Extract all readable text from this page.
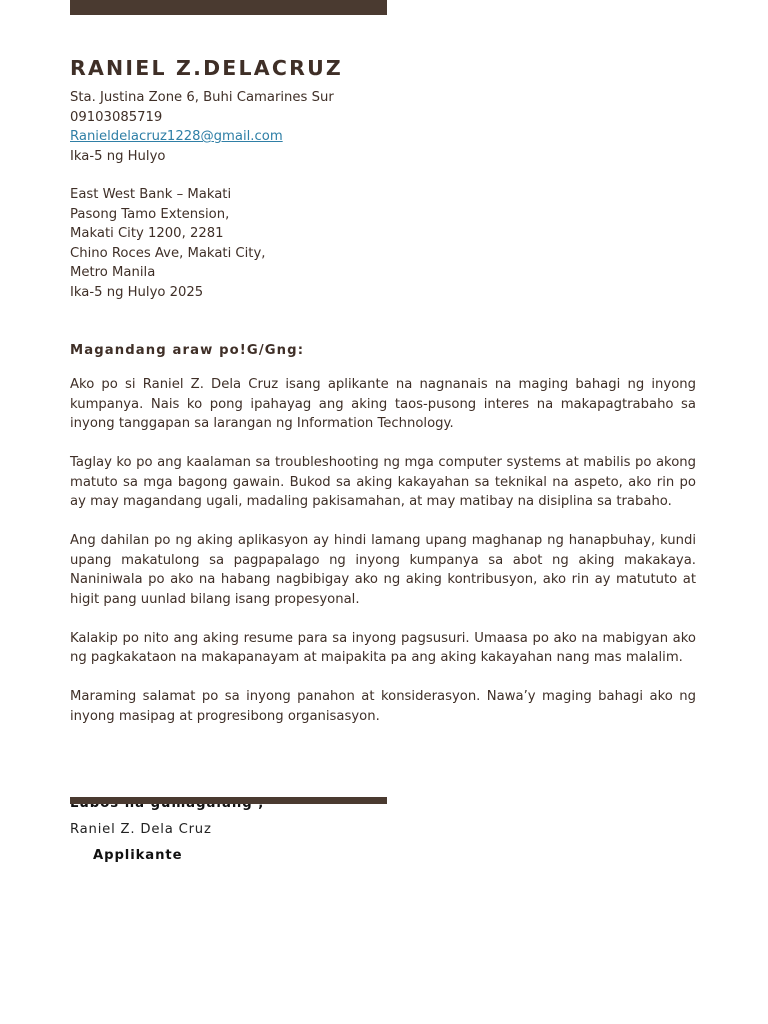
RANIEL Z.DELACRUZ
Sta. Justina Zone 6, Buhi Camarines Sur
09103085719
Ranieldelacruz1228@gmail.com
Ika-5 ng Hulyo
East West Bank – Makati
Pasong Tamo Extension,
Makati City 1200, 2281
Chino Roces Ave, Makati City,
Metro Manila
Ika-5 ng Hulyo 2025
Magandang araw po!G/Gng:

Ako po si Raniel Z. Dela Cruz isang aplikante na nagnanais na maging bahagi ng inyong kumpanya. Nais ko pong ipahayag ang aking taos-pusong interes na makapagtrabaho sa inyong tanggapan sa larangan ng Information Technology.

Taglay ko po ang kaalaman sa troubleshooting ng mga computer systems at mabilis po akong matuto sa mga bagong gawain. Bukod sa aking kakayahan sa teknikal na aspeto, ako rin po ay may magandang ugali, madaling pakisamahan, at may matibay na disiplina sa trabaho.

Ang dahilan po ng aking aplikasyon ay hindi lamang upang maghanap ng hanapbuhay, kundi upang makatulong sa pagpapalago ng inyong kumpanya sa abot ng aking makakaya. Naniniwala po ako na habang nagbibigay ako ng aking kontribusyon, ako rin ay matututo at higit pang uunlad bilang isang propesyonal.

Kalakip po nito ang aking resume para sa inyong pagsusuri. Umaasa po ako na mabigyan ako ng pagkakataon na makapanayam at maipakita pa ang aking kakayahan nang mas malalim.

Maraming salamat po sa inyong panahon at konsiderasyon. Nawa’y maging bahagi ako ng inyong masipag at progresibong organisasyon.

Raniel Z. Dela Cruz
Applikante
